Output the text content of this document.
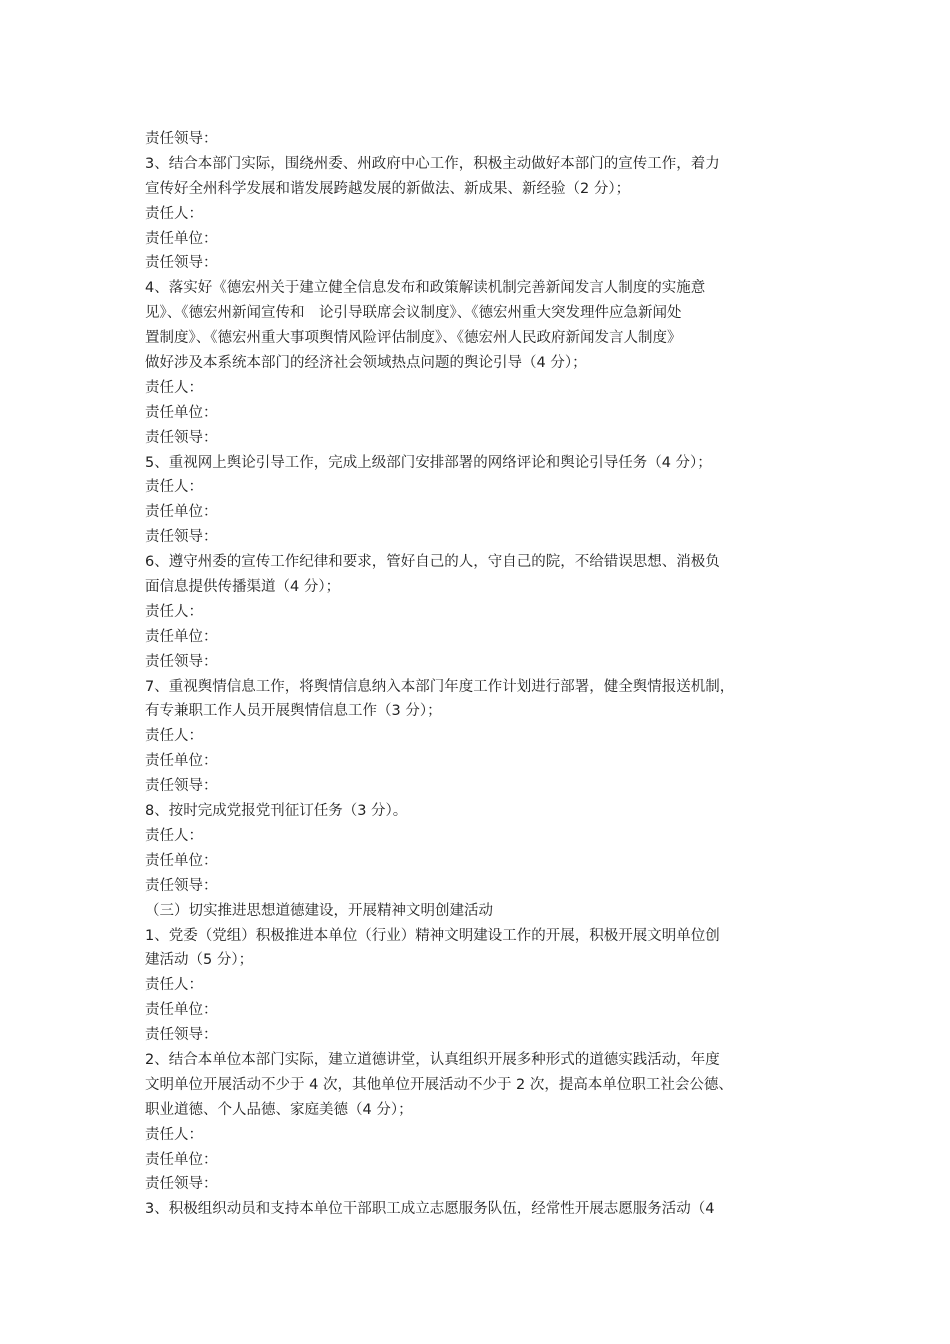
责任领导：
3、结合本部门实际，围绕州委、州政府中心工作，积极主动做好本部门的宣传工作，着力
宣传好全州科学发展和谐发展跨越发展的新做法、新成果、新经验（2 分）；
责任人：
责任单位：
责任领导：
4、落实好《德宏州关于建立健全信息发布和政策解读机制完善新闻发言人制度的实施意
见》、《德宏州新闻宣传和　论引导联席会议制度》、《德宏州重大突发理件应急新闻处
置制度》、《德宏州重大事项舆情风险评估制度》、《德宏州人民政府新闻发言人制度》
做好涉及本系统本部门的经济社会领域热点问题的舆论引导（4 分）；
责任人：
责任单位：
责任领导：
5、重视网上舆论引导工作，完成上级部门安排部署的网络评论和舆论引导任务（4 分）；
责任人：
责任单位：
责任领导：
6、遵守州委的宣传工作纪律和要求，管好自己的人，守自己的院，不给错误思想、消极负
面信息提供传播渠道（4 分）；
责任人：
责任单位：
责任领导：
7、重视舆情信息工作，将舆情信息纳入本部门年度工作计划进行部署，健全舆情报送机制，
有专兼职工作人员开展舆情信息工作（3 分）；
责任人：
责任单位：
责任领导：
8、按时完成党报党刊征订任务（3 分）。
责任人：
责任单位：
责任领导：
（三）切实推进思想道德建设，开展精神文明创建活动
1、党委（党组）积极推进本单位（行业）精神文明建设工作的开展，积极开展文明单位创
建活动（5 分）；
责任人：
责任单位：
责任领导：
2、结合本单位本部门实际，建立道德讲堂，认真组织开展多种形式的道德实践活动，年度
文明单位开展活动不少于 4 次，其他单位开展活动不少于 2 次，提高本单位职工社会公德、
职业道德、个人品德、家庭美德（4 分）；
责任人：
责任单位：
责任领导：
3、积极组织动员和支持本单位干部职工成立志愿服务队伍，经常性开展志愿服务活动（4
